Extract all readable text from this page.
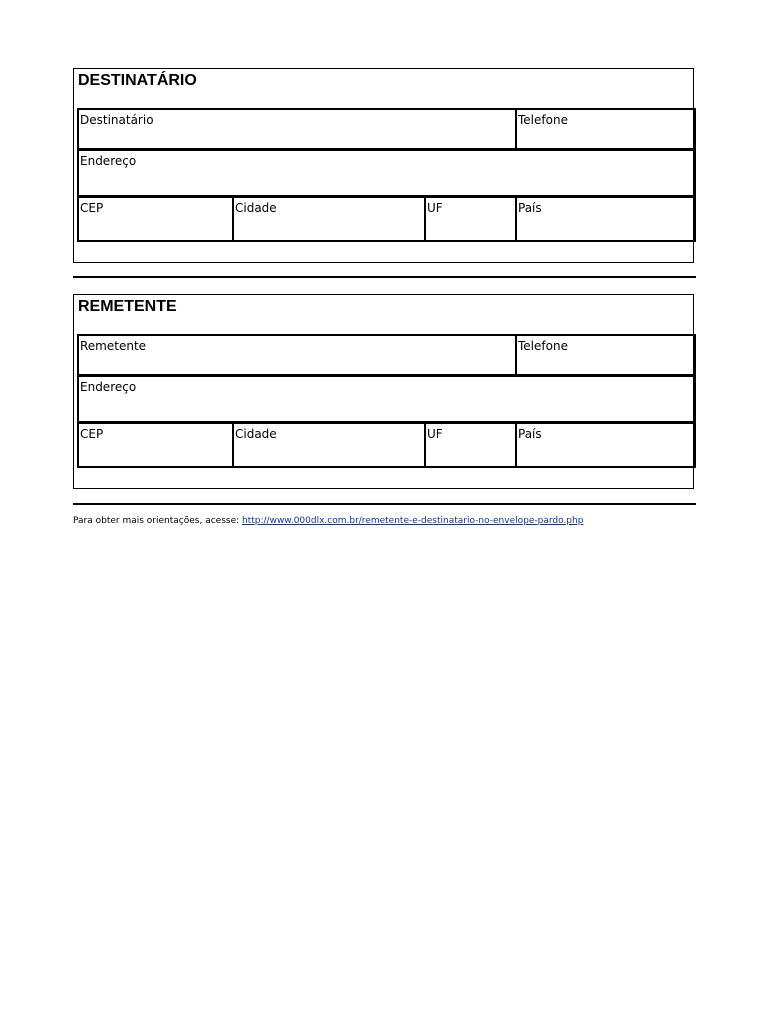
DESTINATÁRIO
Destinatário	Telefone
Endereço
CEP	Cidade	UF	País
REMETENTE
Remetente	Telefone
Endereço
CEP	Cidade	UF	País
Para obter mais orientações, acesse: http://www.000dlx.com.br/remetente-e-destinatario-no-envelope-pardo.php
